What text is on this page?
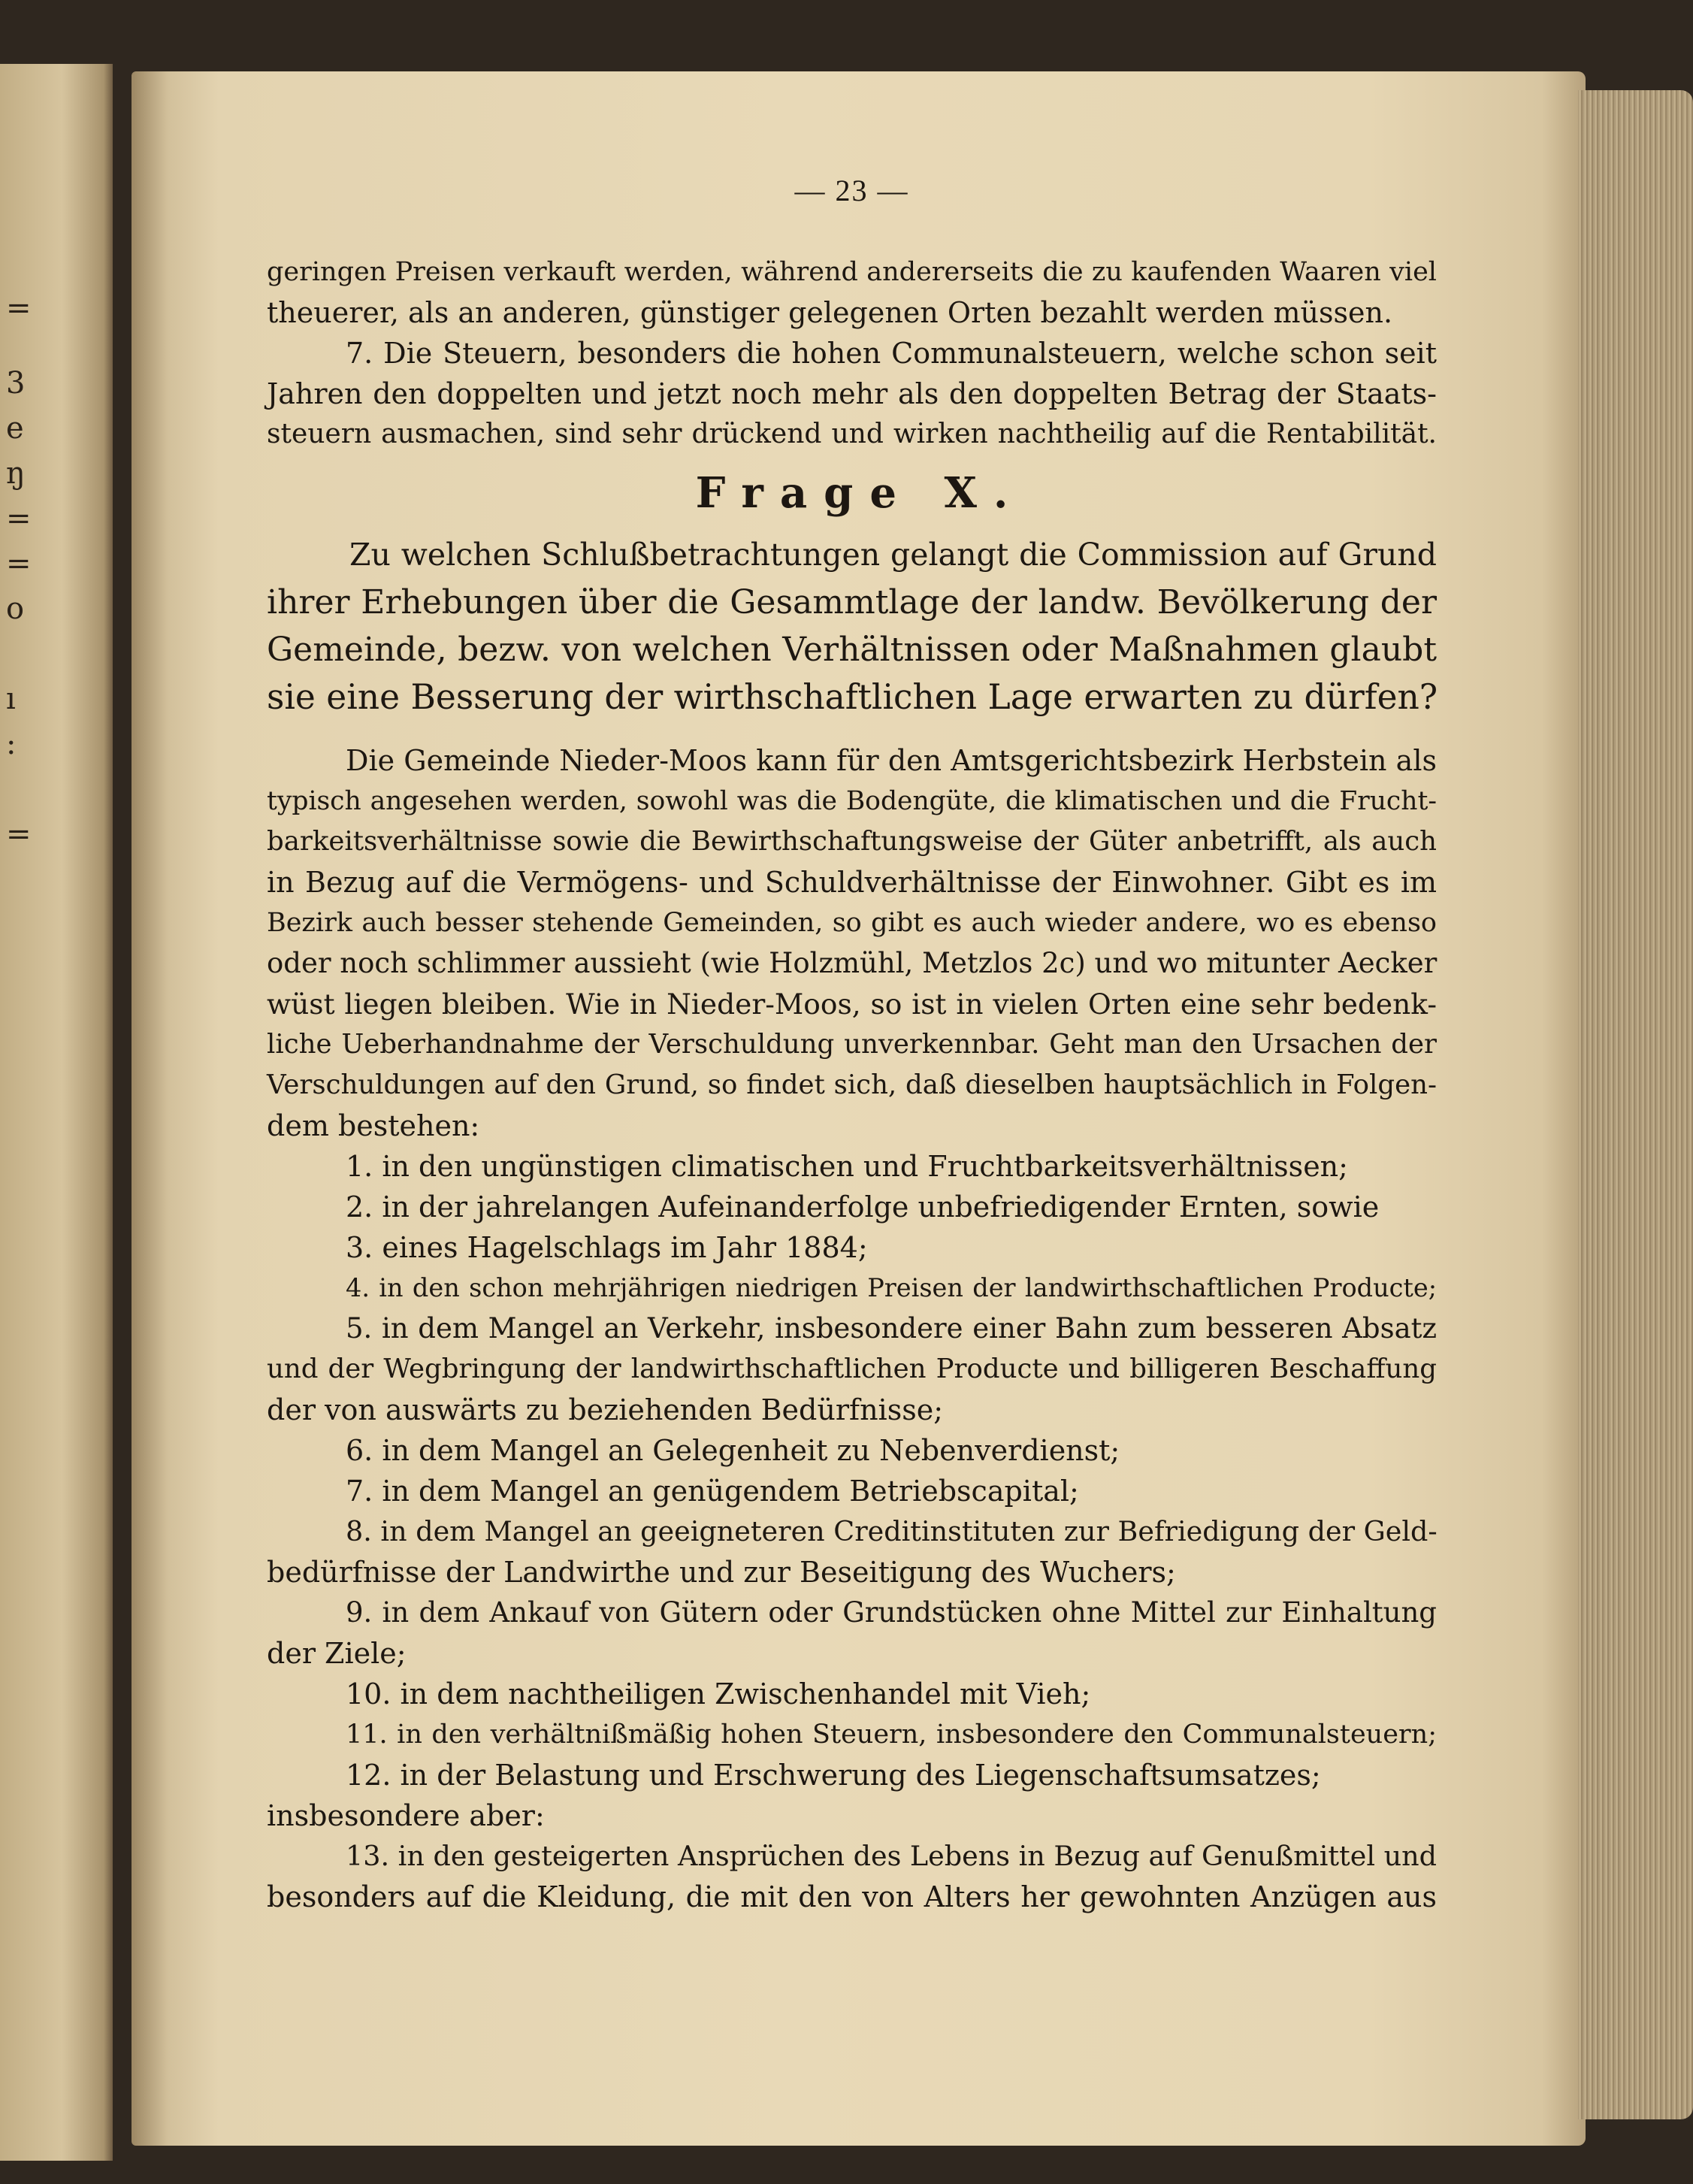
=
3
e
ŋ
=
=
o
ı
:
=
— 23 —

geringen Preisen verkauft werden, während andererseits die zu kaufenden Waaren viel

theuerer, als an anderen, günstiger gelegenen Orten bezahlt werden müssen.

7. Die Steuern, besonders die hohen Communalsteuern, welche schon seit

Jahren den doppelten und jetzt noch mehr als den doppelten Betrag der Staats-

steuern ausmachen, sind sehr drückend und wirken nachtheilig auf die Rentabilität.

Frage X.

Zu welchen Schlußbetrachtungen gelangt die Commission auf Grund

ihrer Erhebungen über die Gesammtlage der landw. Bevölkerung der

Gemeinde, bezw. von welchen Verhältnissen oder Maßnahmen glaubt

sie eine Besserung der wirthschaftlichen Lage erwarten zu dürfen?

Die Gemeinde Nieder-Moos kann für den Amtsgerichtsbezirk Herbstein als

typisch angesehen werden, sowohl was die Bodengüte, die klimatischen und die Frucht-

barkeitsverhältnisse sowie die Bewirthschaftungsweise der Güter anbetrifft, als auch

in Bezug auf die Vermögens- und Schuldverhältnisse der Einwohner. Gibt es im

Bezirk auch besser stehende Gemeinden, so gibt es auch wieder andere, wo es ebenso

oder noch schlimmer aussieht (wie Holzmühl, Metzlos 2c) und wo mitunter Aecker

wüst liegen bleiben. Wie in Nieder-Moos, so ist in vielen Orten eine sehr bedenk-

liche Ueberhandnahme der Verschuldung unverkennbar. Geht man den Ursachen der

Verschuldungen auf den Grund, so findet sich, daß dieselben hauptsächlich in Folgen-

dem bestehen:

1. in den ungünstigen climatischen und Fruchtbarkeitsverhältnissen;

2. in der jahrelangen Aufeinanderfolge unbefriedigender Ernten, sowie

3. eines Hagelschlags im Jahr 1884;

4. in den schon mehrjährigen niedrigen Preisen der landwirthschaftlichen Producte;

5. in dem Mangel an Verkehr, insbesondere einer Bahn zum besseren Absatz

und der Wegbringung der landwirthschaftlichen Producte und billigeren Beschaffung

der von auswärts zu beziehenden Bedürfnisse;

6. in dem Mangel an Gelegenheit zu Nebenverdienst;

7. in dem Mangel an genügendem Betriebscapital;

8. in dem Mangel an geeigneteren Creditinstituten zur Befriedigung der Geld-

bedürfnisse der Landwirthe und zur Beseitigung des Wuchers;

9. in dem Ankauf von Gütern oder Grundstücken ohne Mittel zur Einhaltung

der Ziele;

10. in dem nachtheiligen Zwischenhandel mit Vieh;

11. in den verhältnißmäßig hohen Steuern, insbesondere den Communalsteuern;

12. in der Belastung und Erschwerung des Liegenschaftsumsatzes;

insbesondere aber:

13. in den gesteigerten Ansprüchen des Lebens in Bezug auf Genußmittel und

besonders auf die Kleidung, die mit den von Alters her gewohnten Anzügen aus
